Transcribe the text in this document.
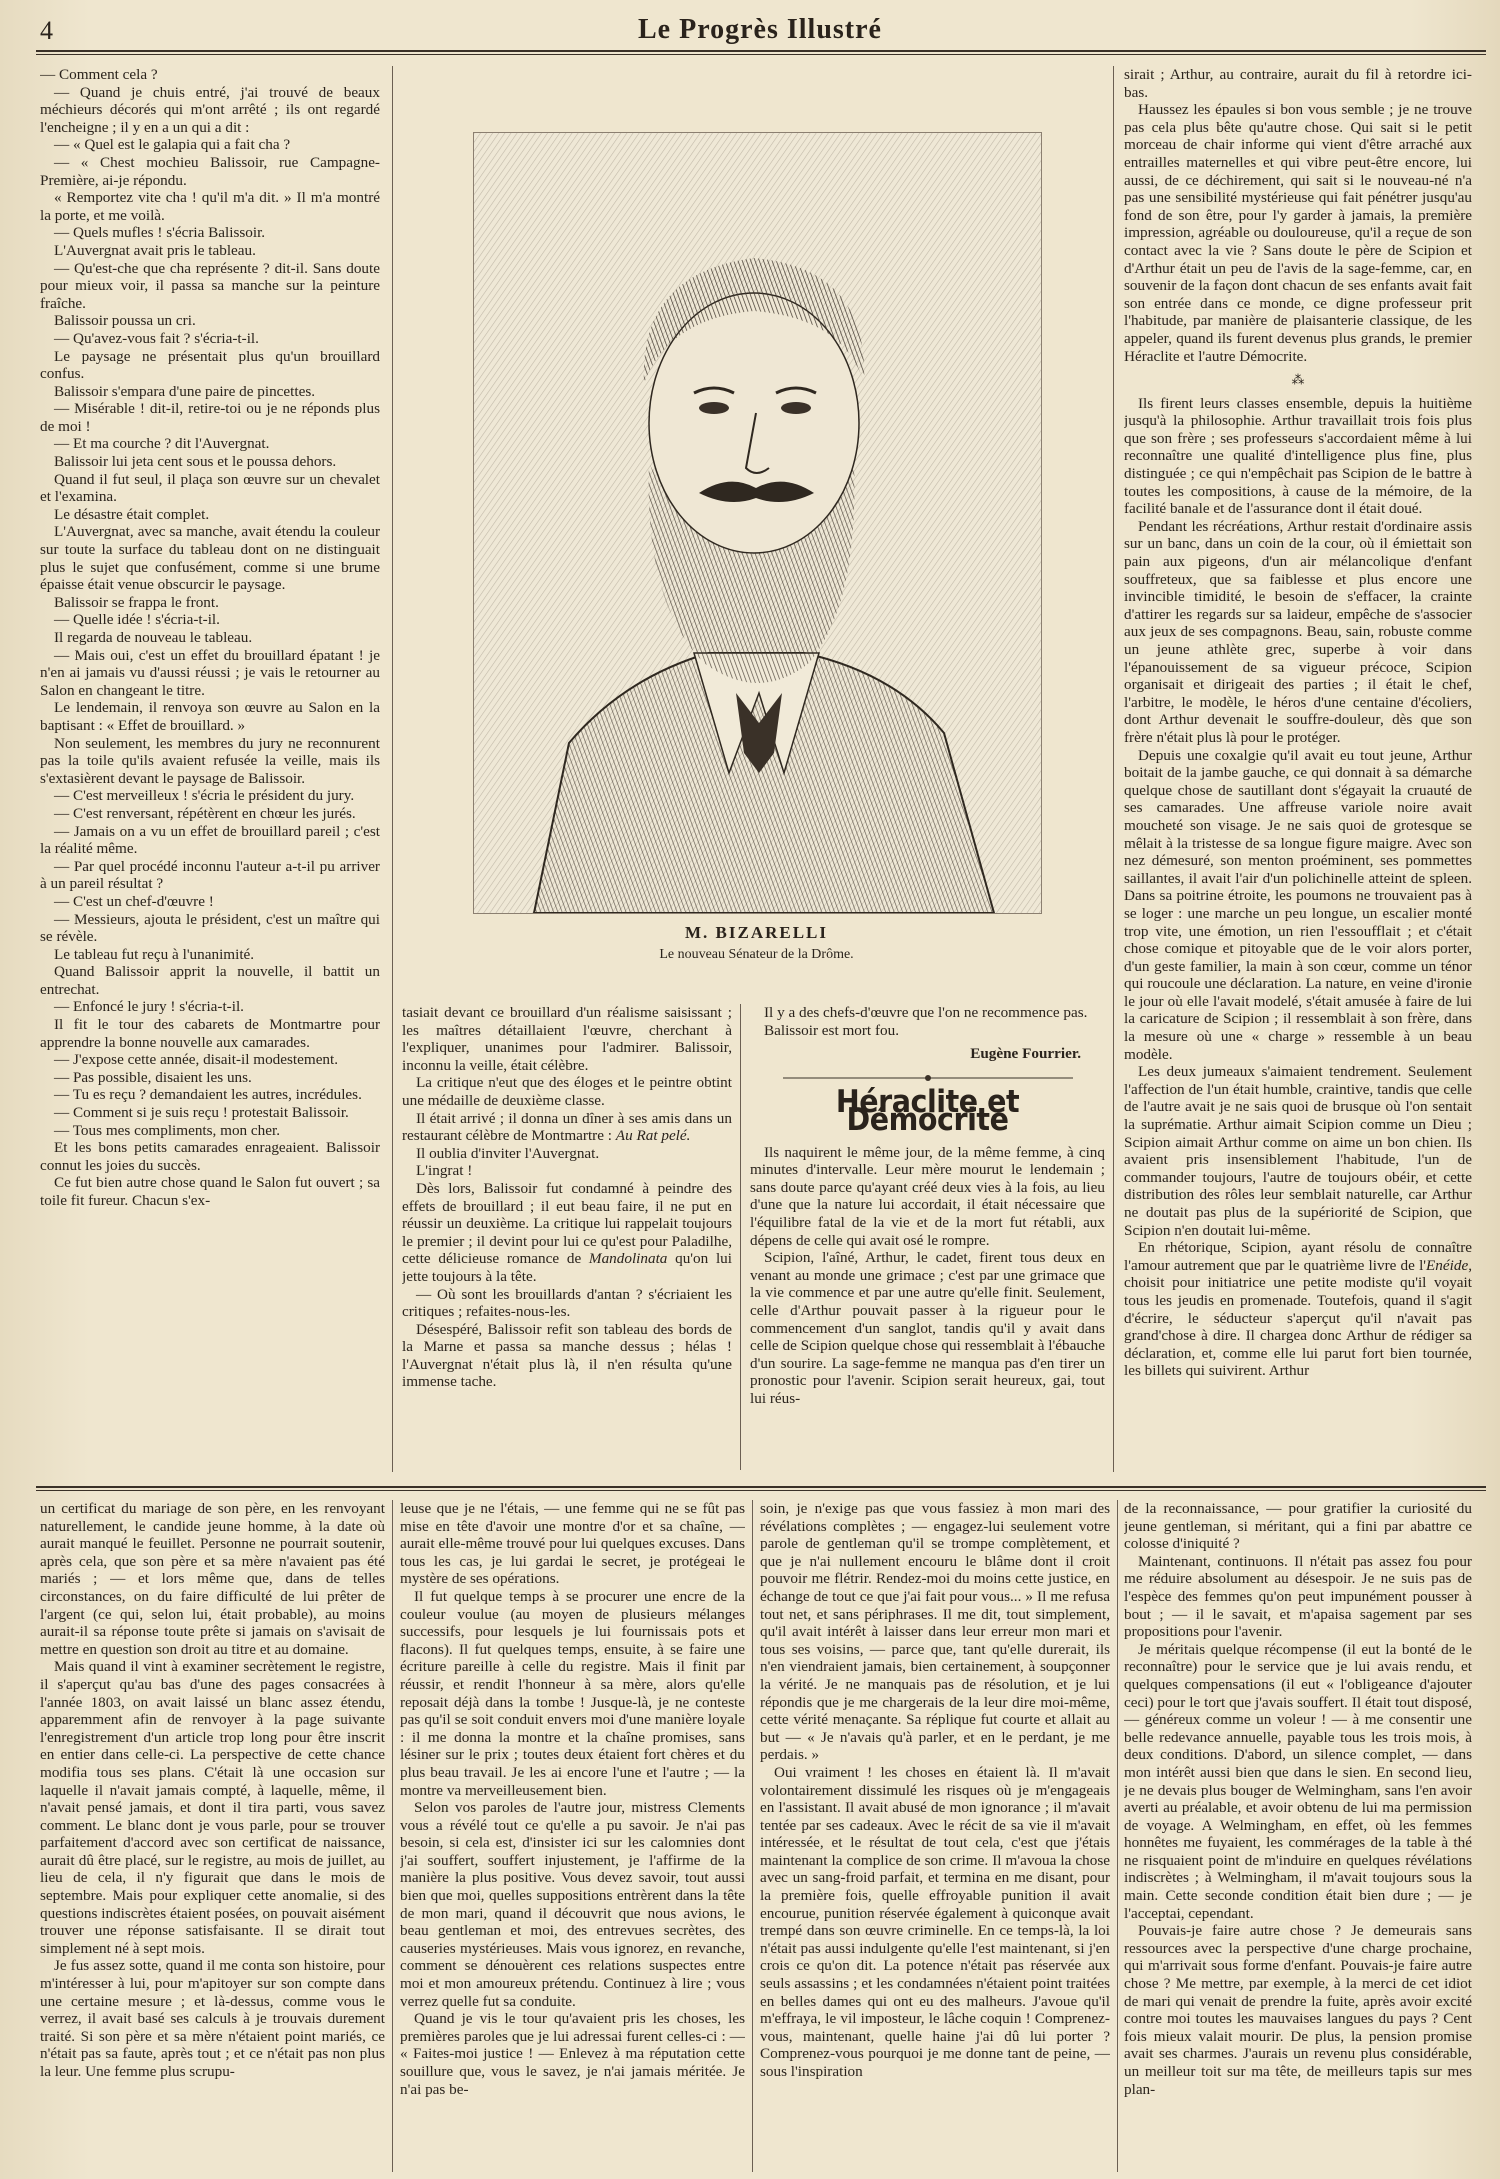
4	Le Progrès Illustré

— Comment cela ?

— Quand je chuis entré, j'ai trouvé de beaux méchieurs décorés qui m'ont arrêté ; ils ont regardé l'encheigne ; il y en a un qui a dit :

— « Quel est le galapia qui a fait cha ?

— « Chest mochieu Balissoir, rue Campagne-Première, ai-je répondu.

« Remportez vite cha ! qu'il m'a dit. » Il m'a montré la porte, et me voilà.

— Quels mufles ! s'écria Balissoir.

L'Auvergnat avait pris le tableau.

— Qu'est-che que cha représente ? dit-il. Sans doute pour mieux voir, il passa sa manche sur la peinture fraîche.

Balissoir poussa un cri.

— Qu'avez-vous fait ? s'écria-t-il.

Le paysage ne présentait plus qu'un brouillard confus.

Balissoir s'empara d'une paire de pincettes.

— Misérable ! dit-il, retire-toi ou je ne réponds plus de moi !

— Et ma courche ? dit l'Auvergnat.

Balissoir lui jeta cent sous et le poussa dehors.

Quand il fut seul, il plaça son œuvre sur un chevalet et l'examina.

Le désastre était complet.

L'Auvergnat, avec sa manche, avait étendu la couleur sur toute la surface du tableau dont on ne distinguait plus le sujet que confusément, comme si une brume épaisse était venue obscurcir le paysage.

Balissoir se frappa le front.

— Quelle idée ! s'écria-t-il.

Il regarda de nouveau le tableau.

— Mais oui, c'est un effet du brouillard épatant ! je n'en ai jamais vu d'aussi réussi ; je vais le retourner au Salon en changeant le titre.

Le lendemain, il renvoya son œuvre au Salon en la baptisant : « Effet de brouillard. »

Non seulement, les membres du jury ne reconnurent pas la toile qu'ils avaient refusée la veille, mais ils s'extasièrent devant le paysage de Balissoir.

— C'est merveilleux ! s'écria le président du jury.

— C'est renversant, répétèrent en chœur les jurés.

— Jamais on a vu un effet de brouillard pareil ; c'est la réalité même.

— Par quel procédé inconnu l'auteur a-t-il pu arriver à un pareil résultat ?

— C'est un chef-d'œuvre !

— Messieurs, ajouta le président, c'est un maître qui se révèle.

Le tableau fut reçu à l'unanimité.

Quand Balissoir apprit la nouvelle, il battit un entrechat.

— Enfoncé le jury ! s'écria-t-il.

Il fit le tour des cabarets de Montmartre pour apprendre la bonne nouvelle aux camarades.

— J'expose cette année, disait-il modestement.

— Pas possible, disaient les uns.

— Tu es reçu ? demandaient les autres, incrédules.

— Comment si je suis reçu ! protestait Balissoir.

— Tous mes compliments, mon cher.

Et les bons petits camarades enrageaient. Balissoir connut les joies du succès.

Ce fut bien autre chose quand le Salon fut ouvert ; sa toile fit fureur. Chacun s'ex-

M. BIZARELLI
Le nouveau Sénateur de la Drôme.

tasiait devant ce brouillard d'un réalisme saisissant ; les maîtres détaillaient l'œuvre, cherchant à l'expliquer, unanimes pour l'admirer. Balissoir, inconnu la veille, était célèbre.

La critique n'eut que des éloges et le peintre obtint une médaille de deuxième classe.

Il était arrivé ; il donna un dîner à ses amis dans un restaurant célèbre de Montmartre : Au Rat pelé.

Il oublia d'inviter l'Auvergnat.

L'ingrat !

Dès lors, Balissoir fut condamné à peindre des effets de brouillard ; il eut beau faire, il ne put en réussir un deuxième. La critique lui rappelait toujours le premier ; il devint pour lui ce qu'est pour Paladilhe, cette délicieuse romance de Mandolinata qu'on lui jette toujours à la tête.

— Où sont les brouillards d'antan ? s'écriaient les critiques ; refaites-nous-les.

Désespéré, Balissoir refit son tableau des bords de la Marne et passa sa manche dessus ; hélas ! l'Auvergnat n'était plus là, il n'en résulta qu'une immense tache.

Il y a des chefs-d'œuvre que l'on ne recommence pas.

Balissoir est mort fou.

Eugène Fourrier.
Héraclite et Démocrite

Ils naquirent le même jour, de la même femme, à cinq minutes d'intervalle. Leur mère mourut le lendemain ; sans doute parce qu'ayant créé deux vies à la fois, au lieu d'une que la nature lui accordait, il était nécessaire que l'équilibre fatal de la vie et de la mort fut rétabli, aux dépens de celle qui avait osé le rompre.

Scipion, l'aîné, Arthur, le cadet, firent tous deux en venant au monde une grimace ; c'est par une grimace que la vie commence et par une autre qu'elle finit. Seulement, celle d'Arthur pouvait passer à la rigueur pour le commencement d'un sanglot, tandis qu'il y avait dans celle de Scipion quelque chose qui ressemblait à l'ébauche d'un sourire. La sage-femme ne manqua pas d'en tirer un pronostic pour l'avenir. Scipion serait heureux, gai, tout lui réus-

sirait ; Arthur, au contraire, aurait du fil à retordre ici-bas.

Haussez les épaules si bon vous semble ; je ne trouve pas cela plus bête qu'autre chose. Qui sait si le petit morceau de chair informe qui vient d'être arraché aux entrailles maternelles et qui vibre peut-être encore, lui aussi, de ce déchirement, qui sait si le nouveau-né n'a pas une sensibilité mystérieuse qui fait pénétrer jusqu'au fond de son être, pour l'y garder à jamais, la première impression, agréable ou douloureuse, qu'il a reçue de son contact avec la vie ? Sans doute le père de Scipion et d'Arthur était un peu de l'avis de la sage-femme, car, en souvenir de la façon dont chacun de ses enfants avait fait son entrée dans ce monde, ce digne professeur prit l'habitude, par manière de plaisanterie classique, de les appeler, quand ils furent devenus plus grands, le premier Héraclite et l'autre Démocrite.

⁂

Ils firent leurs classes ensemble, depuis la huitième jusqu'à la philosophie. Arthur travaillait trois fois plus que son frère ; ses professeurs s'accordaient même à lui reconnaître une qualité d'intelligence plus fine, plus distinguée ; ce qui n'empêchait pas Scipion de le battre à toutes les compositions, à cause de la mémoire, de la facilité banale et de l'assurance dont il était doué.

Pendant les récréations, Arthur restait d'ordinaire assis sur un banc, dans un coin de la cour, où il émiettait son pain aux pigeons, d'un air mélancolique d'enfant souffreteux, que sa faiblesse et plus encore une invincible timidité, le besoin de s'effacer, la crainte d'attirer les regards sur sa laideur, empêche de s'associer aux jeux de ses compagnons. Beau, sain, robuste comme un jeune athlète grec, superbe à voir dans l'épanouissement de sa vigueur précoce, Scipion organisait et dirigeait des parties ; il était le chef, l'arbitre, le modèle, le héros d'une centaine d'écoliers, dont Arthur devenait le souffre-douleur, dès que son frère n'était plus là pour le protéger.

Depuis une coxalgie qu'il avait eu tout jeune, Arthur boitait de la jambe gauche, ce qui donnait à sa démarche quelque chose de sautillant dont s'égayait la cruauté de ses camarades. Une affreuse variole noire avait moucheté son visage. Je ne sais quoi de grotesque se mêlait à la tristesse de sa longue figure maigre. Avec son nez démesuré, son menton proéminent, ses pommettes saillantes, il avait l'air d'un polichinelle atteint de spleen. Dans sa poitrine étroite, les poumons ne trouvaient pas à se loger : une marche un peu longue, un escalier monté trop vite, une émotion, un rien l'essoufflait ; et c'était chose comique et pitoyable que de le voir alors porter, d'un geste familier, la main à son cœur, comme un ténor qui roucoule une déclaration. La nature, en veine d'ironie le jour où elle l'avait modelé, s'était amusée à faire de lui la caricature de Scipion ; il ressemblait à son frère, dans la mesure où une « charge » ressemble à un beau modèle.

Les deux jumeaux s'aimaient tendrement. Seulement l'affection de l'un était humble, craintive, tandis que celle de l'autre avait je ne sais quoi de brusque où l'on sentait la suprématie. Arthur aimait Scipion comme un Dieu ; Scipion aimait Arthur comme on aime un bon chien. Ils avaient pris insensiblement l'habitude, l'un de commander toujours, l'autre de toujours obéir, et cette distribution des rôles leur semblait naturelle, car Arthur ne doutait pas plus de la supériorité de Scipion, que Scipion n'en doutait lui-même.

En rhétorique, Scipion, ayant résolu de connaître l'amour autrement que par le quatrième livre de l'Enéide, choisit pour initiatrice une petite modiste qu'il voyait tous les jeudis en promenade. Toutefois, quand il s'agit d'écrire, le séducteur s'aperçut qu'il n'avait pas grand'chose à dire. Il chargea donc Arthur de rédiger sa déclaration, et, comme elle lui parut fort bien tournée, les billets qui suivirent. Arthur

un certificat du mariage de son père, en les renvoyant naturellement, le candide jeune homme, à la date où aurait manqué le feuillet. Personne ne pourrait soutenir, après cela, que son père et sa mère n'avaient pas été mariés ; — et lors même que, dans de telles circonstances, on du faire difficulté de lui prêter de l'argent (ce qui, selon lui, était probable), au moins aurait-il sa réponse toute prête si jamais on s'avisait de mettre en question son droit au titre et au domaine.

Mais quand il vint à examiner secrètement le registre, il s'aperçut qu'au bas d'une des pages consacrées à l'année 1803, on avait laissé un blanc assez étendu, apparemment afin de renvoyer à la page suivante l'enregistrement d'un article trop long pour être inscrit en entier dans celle-ci. La perspective de cette chance modifia tous ses plans. C'était là une occasion sur laquelle il n'avait jamais compté, à laquelle, même, il n'avait pensé jamais, et dont il tira parti, vous savez comment. Le blanc dont je vous parle, pour se trouver parfaitement d'accord avec son certificat de naissance, aurait dû être placé, sur le registre, au mois de juillet, au lieu de cela, il n'y figurait que dans le mois de septembre. Mais pour expliquer cette anomalie, si des questions indiscrètes étaient posées, on pouvait aisément trouver une réponse satisfaisante. Il se dirait tout simplement né à sept mois.

Je fus assez sotte, quand il me conta son histoire, pour m'intéresser à lui, pour m'apitoyer sur son compte dans une certaine mesure ; et là-dessus, comme vous le verrez, il avait basé ses calculs à je trouvais durement traité. Si son père et sa mère n'étaient point mariés, ce n'était pas sa faute, après tout ; et ce n'était pas non plus la leur. Une femme plus scrupu-

leuse que je ne l'étais, — une femme qui ne se fût pas mise en tête d'avoir une montre d'or et sa chaîne, — aurait elle-même trouvé pour lui quelques excuses. Dans tous les cas, je lui gardai le secret, je protégeai le mystère de ses opérations.

Il fut quelque temps à se procurer une encre de la couleur voulue (au moyen de plusieurs mélanges successifs, pour lesquels je lui fournissais pots et flacons). Il fut quelques temps, ensuite, à se faire une écriture pareille à celle du registre. Mais il finit par réussir, et rendit l'honneur à sa mère, alors qu'elle reposait déjà dans la tombe ! Jusque-là, je ne conteste pas qu'il se soit conduit envers moi d'une manière loyale : il me donna la montre et la chaîne promises, sans lésiner sur le prix ; toutes deux étaient fort chères et du plus beau travail. Je les ai encore l'une et l'autre ; — la montre va merveilleusement bien.

Selon vos paroles de l'autre jour, mistress Clements vous a révélé tout ce qu'elle a pu savoir. Je n'ai pas besoin, si cela est, d'insister ici sur les calomnies dont j'ai souffert, souffert injustement, je l'affirme de la manière la plus positive. Vous devez savoir, tout aussi bien que moi, quelles suppositions entrèrent dans la tête de mon mari, quand il découvrit que nous avions, le beau gentleman et moi, des entrevues secrètes, des causeries mystérieuses. Mais vous ignorez, en revanche, comment se dénouèrent ces relations suspectes entre moi et mon amoureux prétendu. Continuez à lire ; vous verrez quelle fut sa conduite.

Quand je vis le tour qu'avaient pris les choses, les premières paroles que je lui adressai furent celles-ci : — « Faites-moi justice ! — Enlevez à ma réputation cette souillure que, vous le savez, je n'ai jamais méritée. Je n'ai pas be-

soin, je n'exige pas que vous fassiez à mon mari des révélations complètes ; — engagez-lui seulement votre parole de gentleman qu'il se trompe complètement, et que je n'ai nullement encouru le blâme dont il croit pouvoir me flétrir. Rendez-moi du moins cette justice, en échange de tout ce que j'ai fait pour vous... » Il me refusa tout net, et sans périphrases. Il me dit, tout simplement, qu'il avait intérêt à laisser dans leur erreur mon mari et tous ses voisins, — parce que, tant qu'elle durerait, ils n'en viendraient jamais, bien certainement, à soupçonner la vérité. Je ne manquais pas de résolution, et je lui répondis que je me chargerais de la leur dire moi-même, cette vérité menaçante. Sa réplique fut courte et allait au but — « Je n'avais qu'à parler, et en le perdant, je me perdais. »

Oui vraiment ! les choses en étaient là. Il m'avait volontairement dissimulé les risques où je m'engageais en l'assistant. Il avait abusé de mon ignorance ; il m'avait tentée par ses cadeaux. Avec le récit de sa vie il m'avait intéressée, et le résultat de tout cela, c'est que j'étais maintenant la complice de son crime. Il m'avoua la chose avec un sang-froid parfait, et termina en me disant, pour la première fois, quelle effroyable punition il avait encourue, punition réservée également à quiconque avait trempé dans son œuvre criminelle. En ce temps-là, la loi n'était pas aussi indulgente qu'elle l'est maintenant, si j'en crois ce qu'on dit. La potence n'était pas réservée aux seuls assassins ; et les condamnées n'étaient point traitées en belles dames qui ont eu des malheurs. J'avoue qu'il m'effraya, le vil imposteur, le lâche coquin ! Comprenez-vous, maintenant, quelle haine j'ai dû lui porter ? Comprenez-vous pourquoi je me donne tant de peine, — sous l'inspiration

de la reconnaissance, — pour gratifier la curiosité du jeune gentleman, si méritant, qui a fini par abattre ce colosse d'iniquité ?

Maintenant, continuons. Il n'était pas assez fou pour me réduire absolument au désespoir. Je ne suis pas de l'espèce des femmes qu'on peut impunément pousser à bout ; — il le savait, et m'apaisa sagement par ses propositions pour l'avenir.

Je méritais quelque récompense (il eut la bonté de le reconnaître) pour le service que je lui avais rendu, et quelques compensations (il eut « l'obligeance d'ajouter ceci) pour le tort que j'avais souffert. Il était tout disposé, — généreux comme un voleur ! — à me consentir une belle redevance annuelle, payable tous les trois mois, à deux conditions. D'abord, un silence complet, — dans mon intérêt aussi bien que dans le sien. En second lieu, je ne devais plus bouger de Welmingham, sans l'en avoir averti au préalable, et avoir obtenu de lui ma permission de voyage. A Welmingham, en effet, où les femmes honnêtes me fuyaient, les commérages de la table à thé ne risquaient point de m'induire en quelques révélations indiscrètes ; à Welmingham, il m'avait toujours sous la main. Cette seconde condition était bien dure ; — je l'acceptai, cependant.

Pouvais-je faire autre chose ? Je demeurais sans ressources avec la perspective d'une charge prochaine, qui m'arrivait sous forme d'enfant. Pouvais-je faire autre chose ? Me mettre, par exemple, à la merci de cet idiot de mari qui venait de prendre la fuite, après avoir excité contre moi toutes les mauvaises langues du pays ? Cent fois mieux valait mourir. De plus, la pension promise avait ses charmes. J'aurais un revenu plus considérable, un meilleur toit sur ma tête, de meilleurs tapis sur mes plan-
